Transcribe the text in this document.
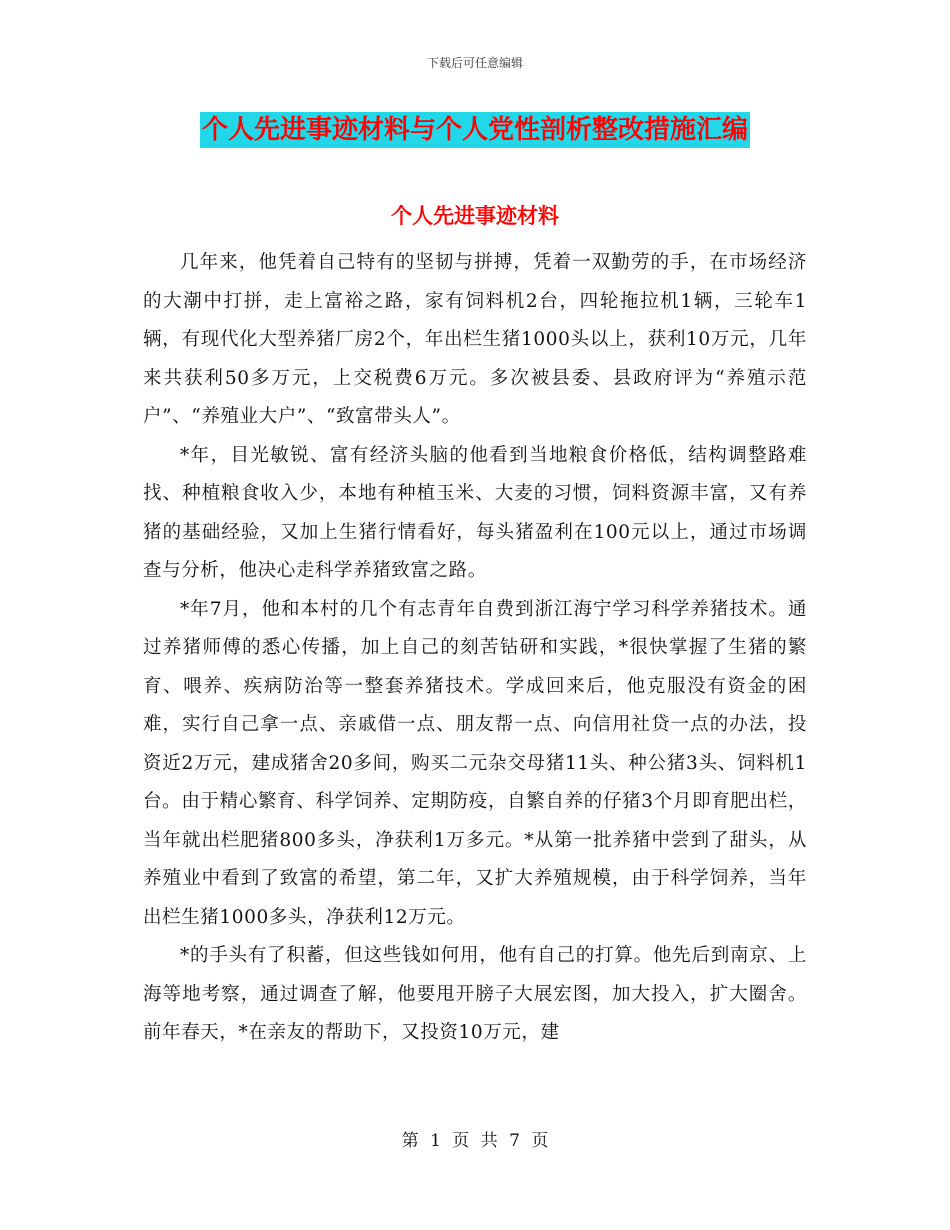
下载后可任意编辑
个人先进事迹材料与个人党性剖析整改措施汇编
个人先进事迹材料

几年来，他凭着自己特有的坚韧与拼搏，凭着一双勤劳的手，在市场经济的大潮中打拼，走上富裕之路，家有饲料机2台，四轮拖拉机1辆，三轮车1辆，有现代化大型养猪厂房2个，年出栏生猪1000头以上，获利10万元，几年来共获利50多万元，上交税费6万元。多次被县委、县政府评为“养殖示范户”、“养殖业大户”、“致富带头人”。

*年，目光敏锐、富有经济头脑的他看到当地粮食价格低，结构调整路难找、种植粮食收入少，本地有种植玉米、大麦的习惯，饲料资源丰富，又有养猪的基础经验，又加上生猪行情看好，每头猪盈利在100元以上，通过市场调查与分析，他决心走科学养猪致富之路。

*年7月，他和本村的几个有志青年自费到浙江海宁学习科学养猪技术。通过养猪师傅的悉心传播，加上自己的刻苦钻研和实践，*很快掌握了生猪的繁育、喂养、疾病防治等一整套养猪技术。学成回来后，他克服没有资金的困难，实行自己拿一点、亲戚借一点、朋友帮一点、向信用社贷一点的办法，投资近2万元，建成猪舍20多间，购买二元杂交母猪11头、种公猪3头、饲料机1台。由于精心繁育、科学饲养、定期防疫，自繁自养的仔猪3个月即育肥出栏，当年就出栏肥猪800多头，净获利1万多元。*从第一批养猪中尝到了甜头，从养殖业中看到了致富的希望，第二年，又扩大养殖规模，由于科学饲养，当年出栏生猪1000多头，净获利12万元。

*的手头有了积蓄，但这些钱如何用，他有自己的打算。他先后到南京、上海等地考察，通过调查了解，他要甩开膀子大展宏图，加大投入，扩大圈舍。前年春天，*在亲友的帮助下，又投资10万元，建

第 1 页 共 7 页
